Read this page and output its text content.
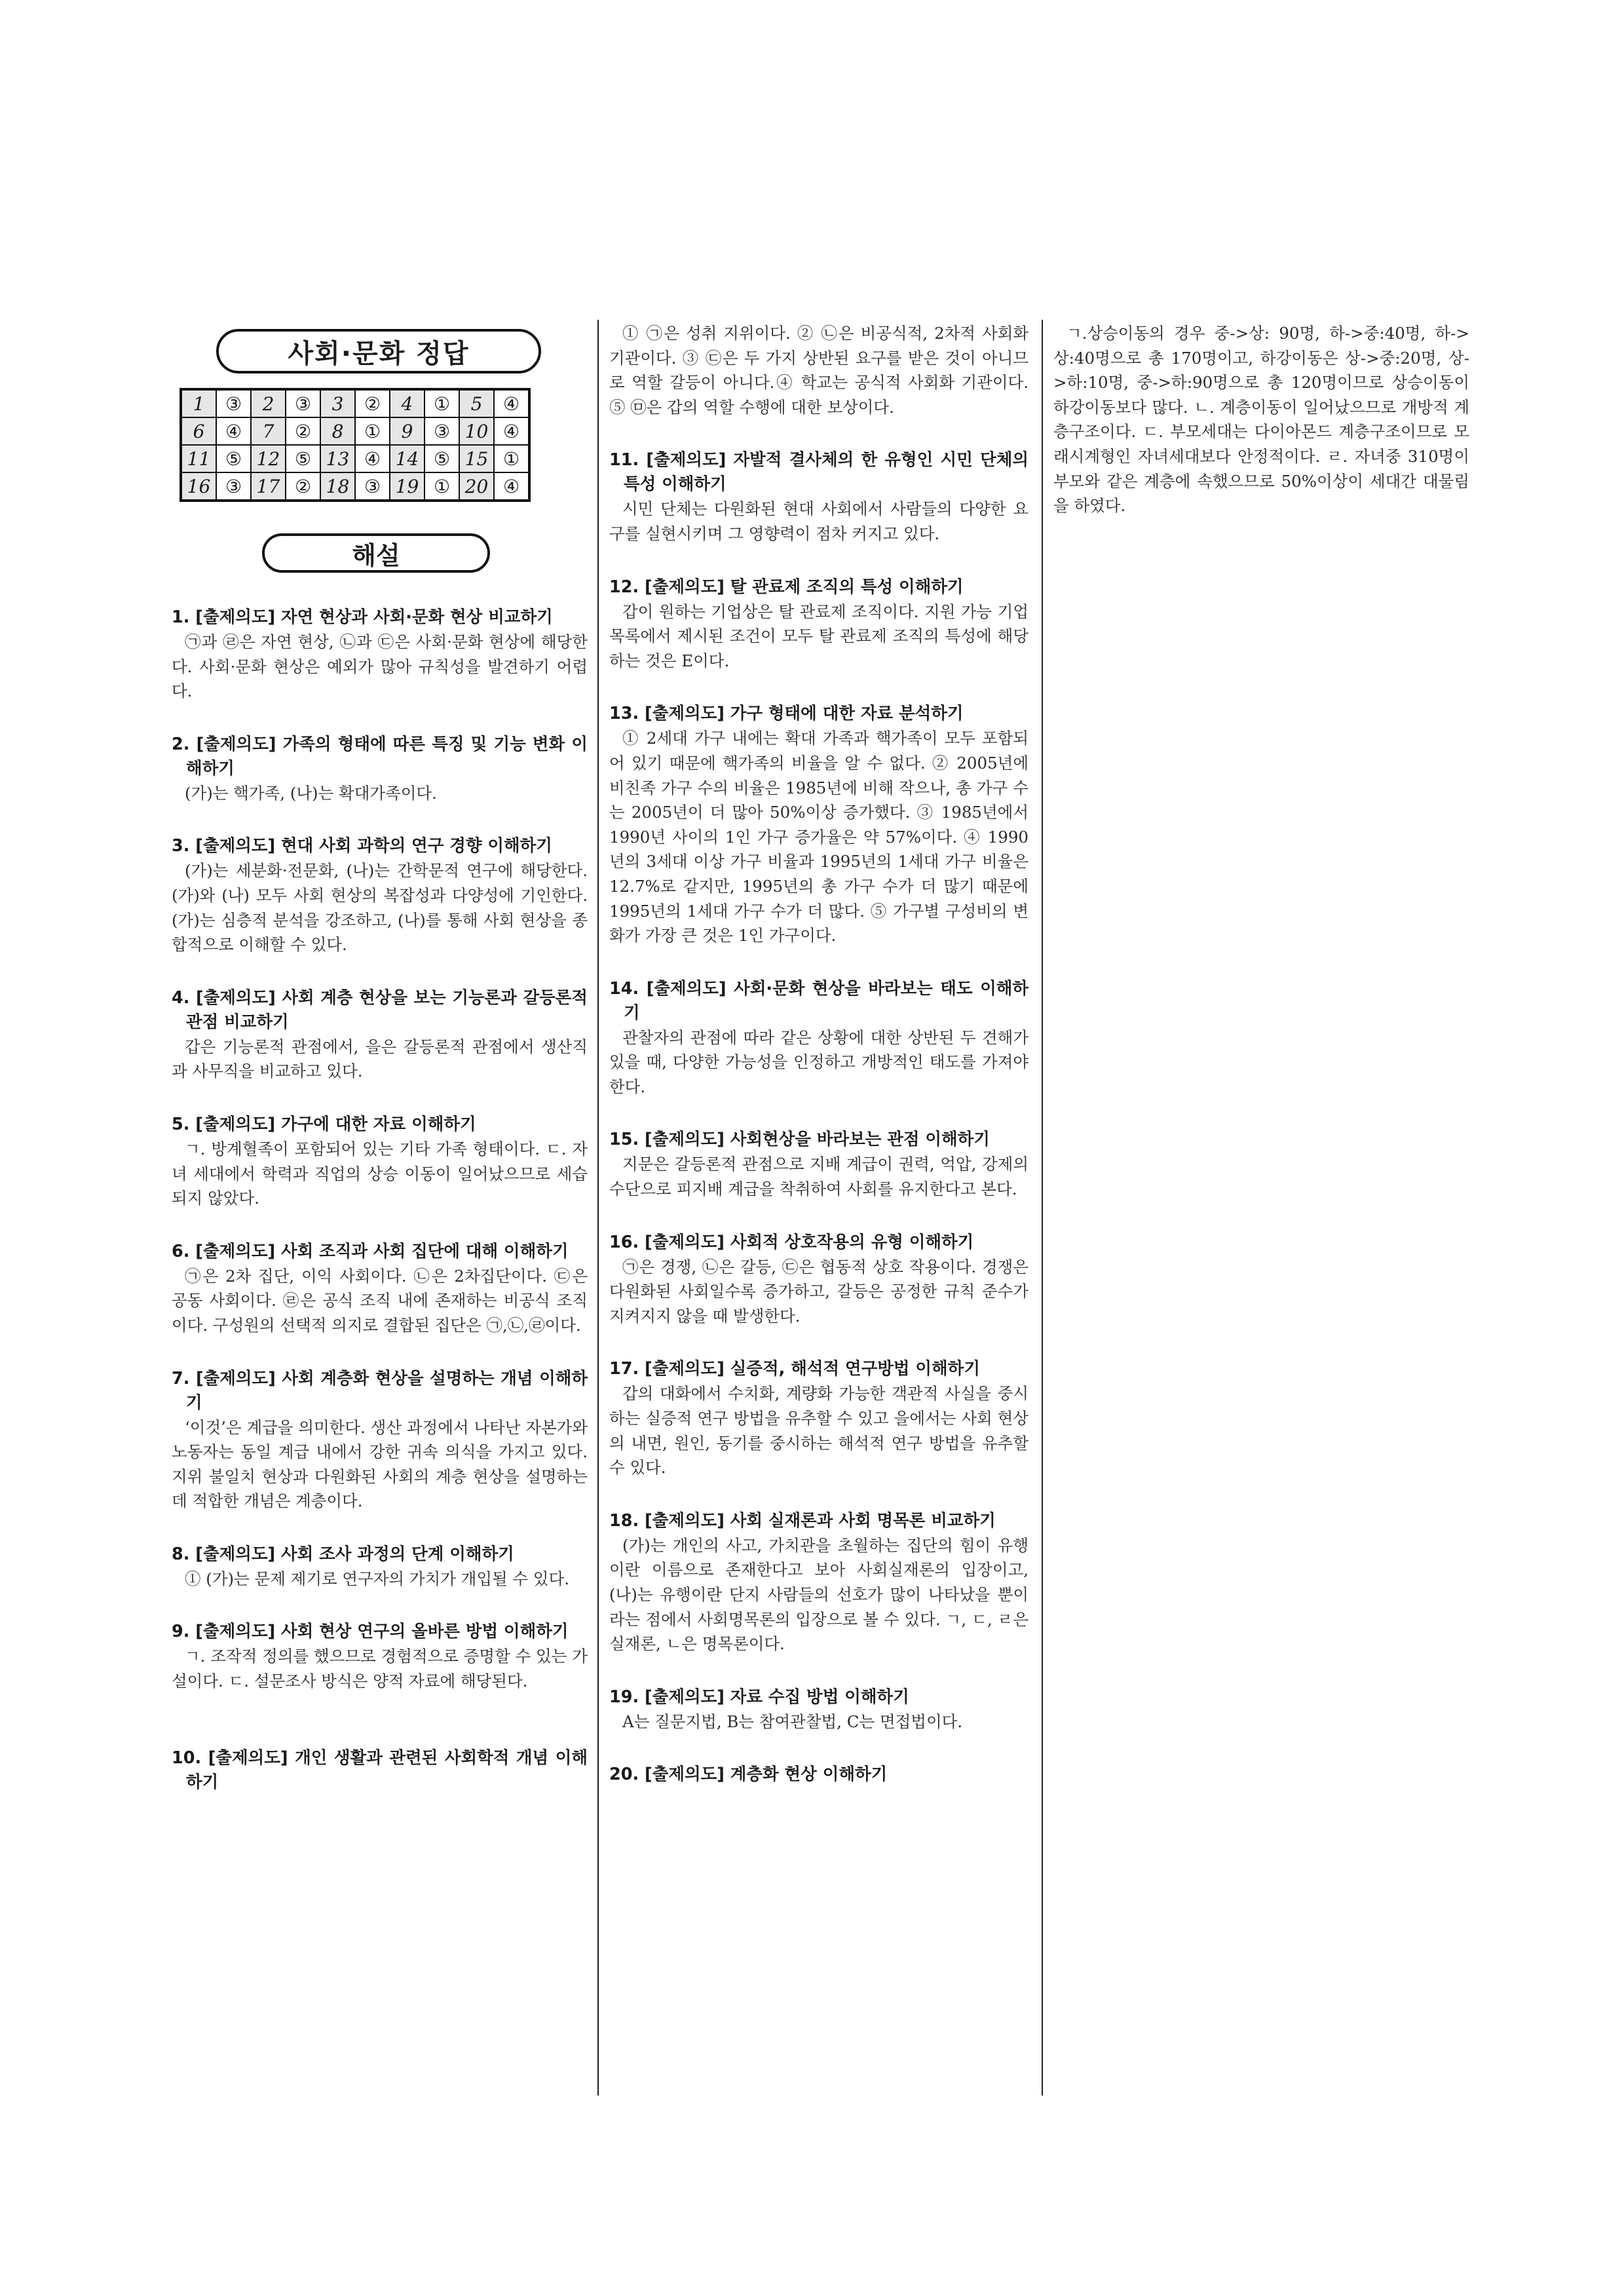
사회·문화 정답
1	③	2	③	3	②	4	①	5	④
6	④	7	②	8	①	9	③	10	④
11	⑤	12	⑤	13	④	14	⑤	15	①
16	③	17	②	18	③	19	①	20	④
해설
1. [출제의도] 자연 현상과 사회·문화 현상 비교하기
㉠과 ㉣은 자연 현상, ㉡과 ㉢은 사회·문화 현상에 해당한다. 사회·문화 현상은 예외가 많아 규칙성을 발견하기 어렵다.
2. [출제의도] 가족의 형태에 따른 특징 및 기능 변화 이해하기
(가)는 핵가족, (나)는 확대가족이다.
3. [출제의도] 현대 사회 과학의 연구 경향 이해하기
(가)는 세분화·전문화, (나)는 간학문적 연구에 해당한다. (가)와 (나) 모두 사회 현상의 복잡성과 다양성에 기인한다. (가)는 심층적 분석을 강조하고, (나)를 통해 사회 현상을 종합적으로 이해할 수 있다.
4. [출제의도] 사회 계층 현상을 보는 기능론과 갈등론적 관점 비교하기
갑은 기능론적 관점에서, 을은 갈등론적 관점에서 생산직과 사무직을 비교하고 있다.
5. [출제의도] 가구에 대한 자료 이해하기
ㄱ. 방계혈족이 포함되어 있는 기타 가족 형태이다. ㄷ. 자녀 세대에서 학력과 직업의 상승 이동이 일어났으므로 세습되지 않았다.
6. [출제의도] 사회 조직과 사회 집단에 대해 이해하기
㉠은 2차 집단, 이익 사회이다. ㉡은 2차집단이다. ㉢은 공동 사회이다. ㉣은 공식 조직 내에 존재하는 비공식 조직이다. 구성원의 선택적 의지로 결합된 집단은 ㉠,㉡,㉣이다.
7. [출제의도] 사회 계층화 현상을 설명하는 개념 이해하기
‘이것’은 계급을 의미한다. 생산 과정에서 나타난 자본가와 노동자는 동일 계급 내에서 강한 귀속 의식을 가지고 있다. 지위 불일치 현상과 다원화된 사회의 계층 현상을 설명하는데 적합한 개념은 계층이다.
8. [출제의도] 사회 조사 과정의 단계 이해하기
① (가)는 문제 제기로 연구자의 가치가 개입될 수 있다.
9. [출제의도] 사회 현상 연구의 올바른 방법 이해하기
ㄱ. 조작적 정의를 했으므로 경험적으로 증명할 수 있는 가설이다. ㄷ. 설문조사 방식은 양적 자료에 해당된다.
10. [출제의도] 개인 생활과 관련된 사회학적 개념 이해하기
① ㉠은 성취 지위이다. ② ㉡은 비공식적, 2차적 사회화 기관이다. ③ ㉢은 두 가지 상반된 요구를 받은 것이 아니므로 역할 갈등이 아니다.④ 학교는 공식적 사회화 기관이다. ⑤ ㉤은 갑의 역할 수행에 대한 보상이다.
11. [출제의도] 자발적 결사체의 한 유형인 시민 단체의 특성 이해하기
시민 단체는 다원화된 현대 사회에서 사람들의 다양한 요구를 실현시키며 그 영향력이 점차 커지고 있다.
12. [출제의도] 탈 관료제 조직의 특성 이해하기
갑이 원하는 기업상은 탈 관료제 조직이다. 지원 가능 기업 목록에서 제시된 조건이 모두 탈 관료제 조직의 특성에 해당하는 것은 E이다.
13. [출제의도] 가구 형태에 대한 자료 분석하기
① 2세대 가구 내에는 확대 가족과 핵가족이 모두 포함되어 있기 때문에 핵가족의 비율을 알 수 없다. ② 2005년에 비친족 가구 수의 비율은 1985년에 비해 작으나, 총 가구 수는 2005년이 더 많아 50%이상 증가했다. ③ 1985년에서 1990년 사이의 1인 가구 증가율은 약 57%이다. ④ 1990년의 3세대 이상 가구 비율과 1995년의 1세대 가구 비율은 12.7%로 같지만, 1995년의 총 가구 수가 더 많기 때문에 1995년의 1세대 가구 수가 더 많다. ⑤ 가구별 구성비의 변화가 가장 큰 것은 1인 가구이다.
14. [출제의도] 사회·문화 현상을 바라보는 태도 이해하기
관찰자의 관점에 따라 같은 상황에 대한 상반된 두 견해가 있을 때, 다양한 가능성을 인정하고 개방적인 태도를 가져야 한다.
15. [출제의도] 사회현상을 바라보는 관점 이해하기
지문은 갈등론적 관점으로 지배 계급이 권력, 억압, 강제의 수단으로 피지배 계급을 착취하여 사회를 유지한다고 본다.
16. [출제의도] 사회적 상호작용의 유형 이해하기
㉠은 경쟁, ㉡은 갈등, ㉢은 협동적 상호 작용이다. 경쟁은 다원화된 사회일수록 증가하고, 갈등은 공정한 규칙 준수가 지켜지지 않을 때 발생한다.
17. [출제의도] 실증적, 해석적 연구방법 이해하기
갑의 대화에서 수치화, 계량화 가능한 객관적 사실을 중시하는 실증적 연구 방법을 유추할 수 있고 을에서는 사회 현상의 내면, 원인, 동기를 중시하는 해석적 연구 방법을 유추할 수 있다.
18. [출제의도] 사회 실재론과 사회 명목론 비교하기
(가)는 개인의 사고, 가치관을 초월하는 집단의 힘이 유행이란 이름으로 존재한다고 보아 사회실재론의 입장이고, (나)는 유행이란 단지 사람들의 선호가 많이 나타났을 뿐이라는 점에서 사회명목론의 입장으로 볼 수 있다. ㄱ, ㄷ, ㄹ은 실재론, ㄴ은 명목론이다.
19. [출제의도] 자료 수집 방법 이해하기
A는 질문지법, B는 참여관찰법, C는 면접법이다.
20. [출제의도] 계층화 현상 이해하기
ㄱ.상승이동의 경우 중->상: 90명, 하->중:40명, 하->상:40명으로 총 170명이고, 하강이동은 상->중:20명, 상->하:10명, 중->하:90명으로 총 120명이므로 상승이동이 하강이동보다 많다. ㄴ. 계층이동이 일어났으므로 개방적 계층구조이다. ㄷ. 부모세대는 다이아몬드 계층구조이므로 모래시계형인 자녀세대보다 안정적이다. ㄹ. 자녀중 310명이 부모와 같은 계층에 속했으므로 50%이상이 세대간 대물림을 하였다.
